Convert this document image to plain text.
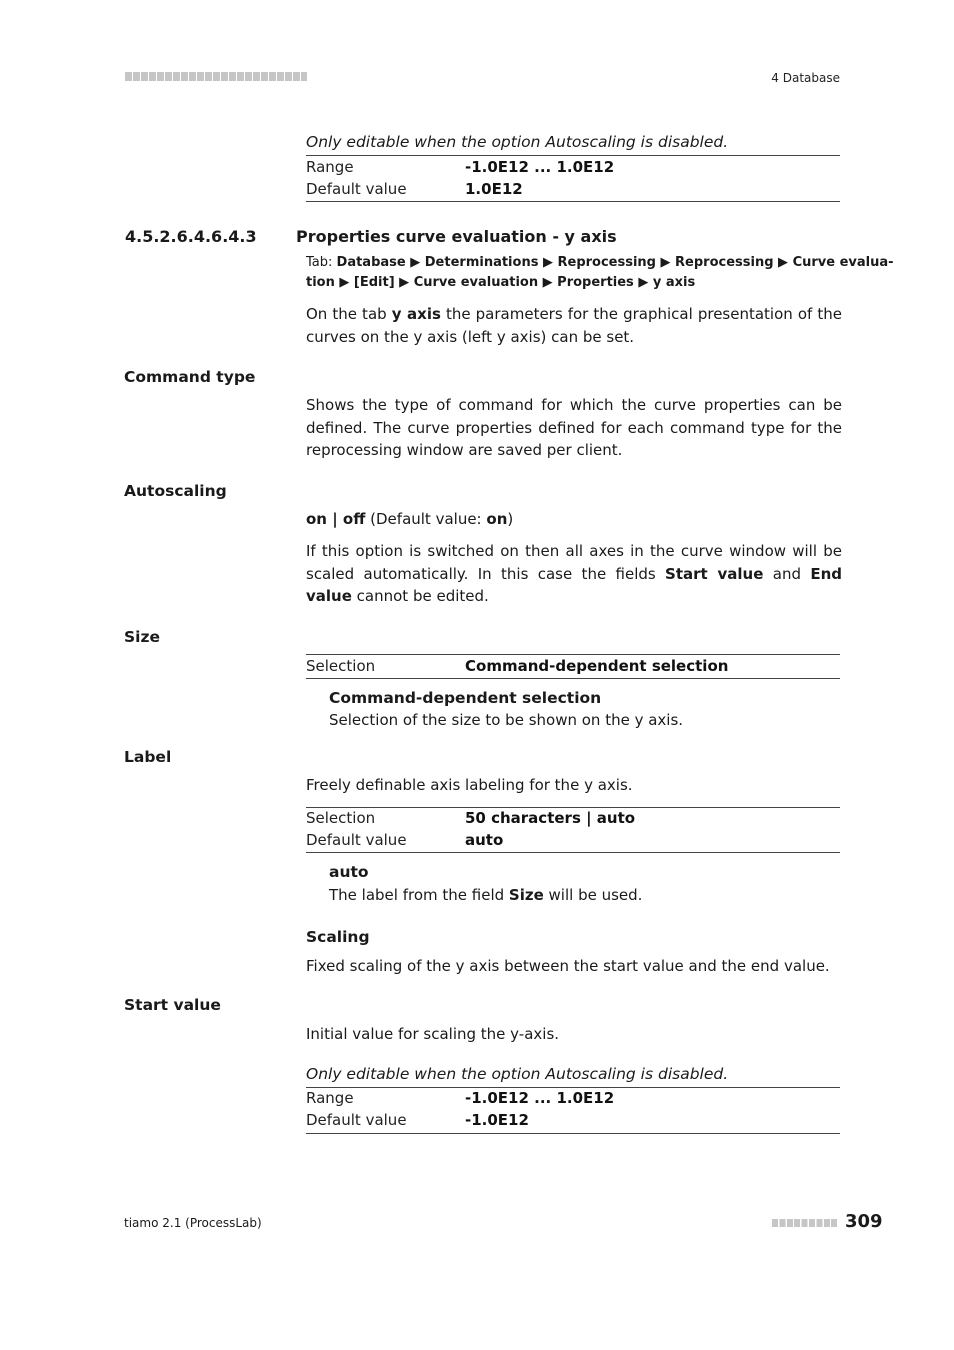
4 Database
Only editable when the option Autoscaling is disabled.
Range	-1.0E12 ... 1.0E12
Default value	1.0E12
4.5.2.6.4.6.4.3 Properties curve evaluation - y axis
Tab: Database ▶ Determinations ▶ Reprocessing ▶ Reprocessing ▶ Curve evalua-
tion ▶ [Edit] ▶ Curve evaluation ▶ Properties ▶ y axis
On the tab y axis the parameters for the graphical presentation of the curves on the y axis (left y axis) can be set.
Command type
Shows the type of command for which the curve properties can be defined. The curve properties defined for each command type for the reprocessing window are saved per client.
Autoscaling
on | off (Default value: on)
If this option is switched on then all axes in the curve window will be scaled automatically. In this case the fields Start value and End value cannot be edited.
Size
Selection	Command-dependent selection
Command-dependent selection
Selection of the size to be shown on the y axis.
Label
Freely definable axis labeling for the y axis.
Selection	50 characters | auto
Default value	auto
auto
The label from the field Size will be used.
Scaling
Fixed scaling of the y axis between the start value and the end value.
Start value
Initial value for scaling the y-axis.
Only editable when the option Autoscaling is disabled.
Range	-1.0E12 ... 1.0E12
Default value	-1.0E12
tiamo 2.1 (ProcessLab)	309
